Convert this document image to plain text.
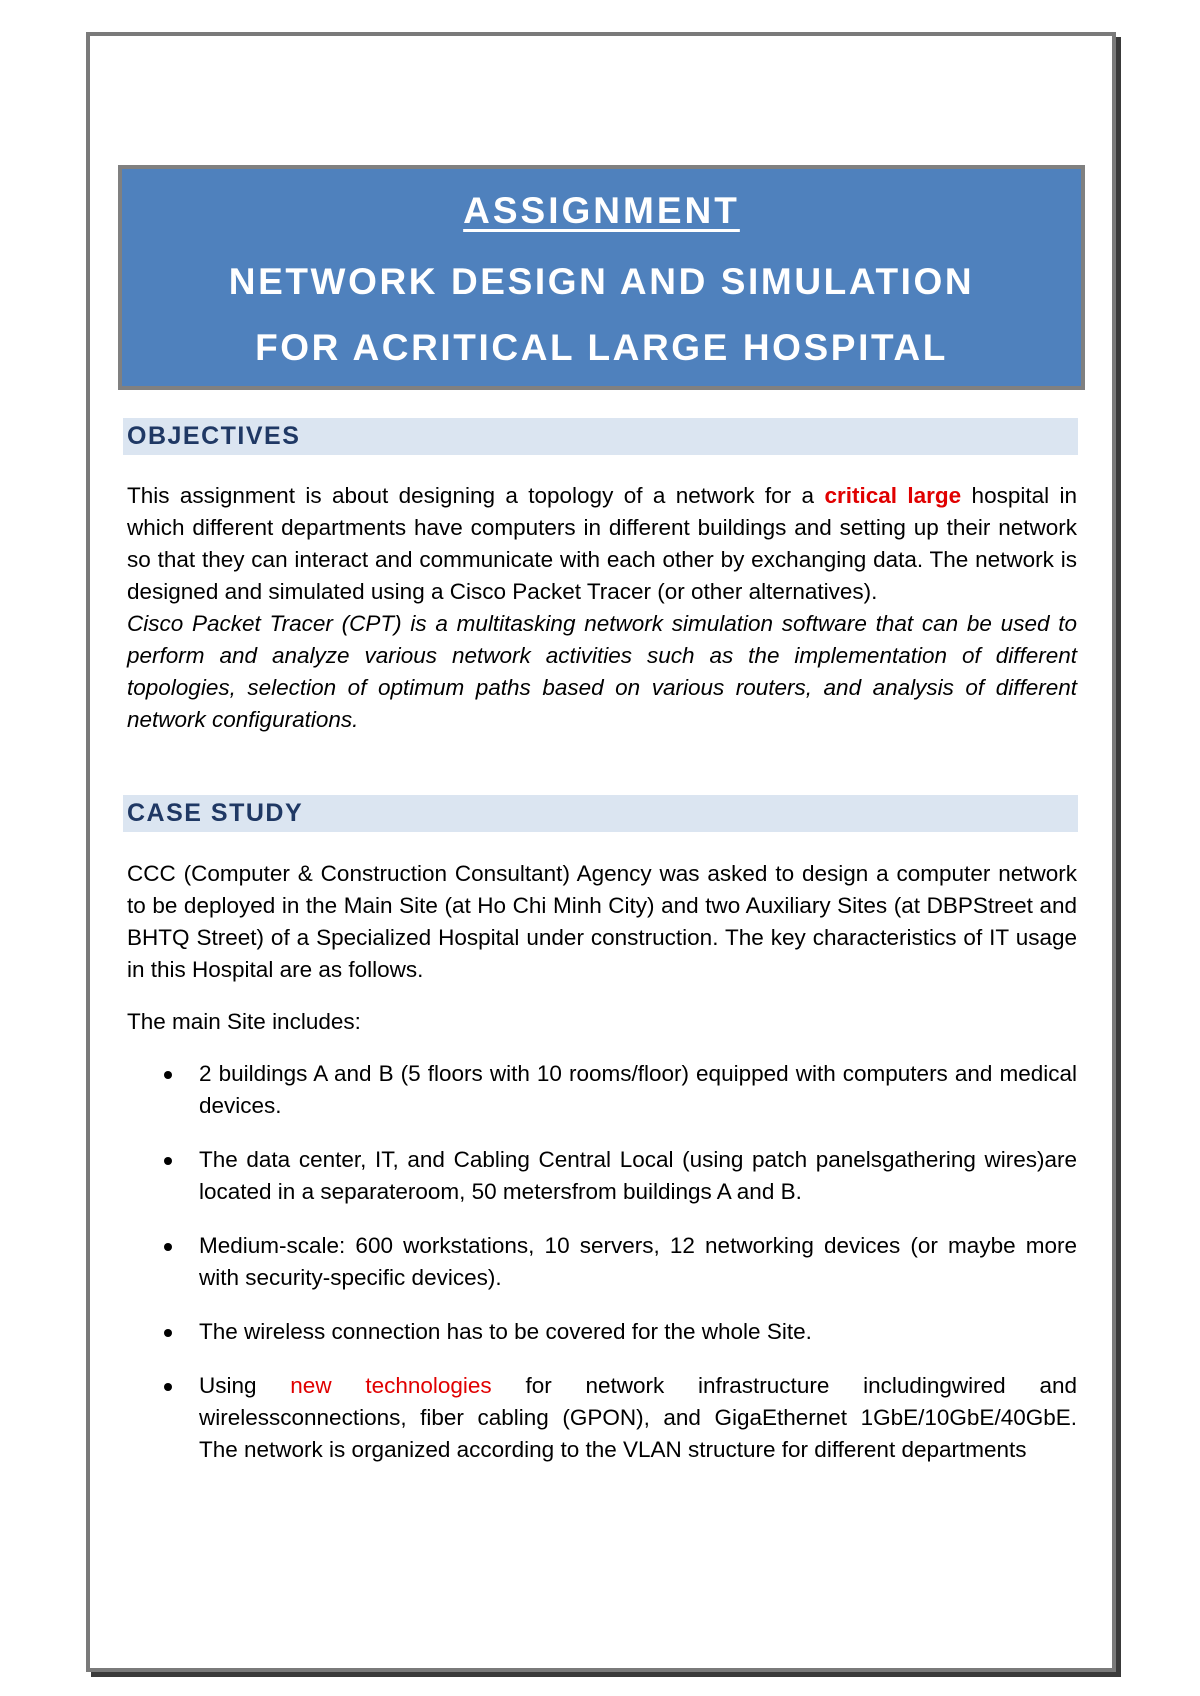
ASSIGNMENT
NETWORK DESIGN AND SIMULATION
FOR ACRITICAL LARGE HOSPITAL
OBJECTIVES
This assignment is about designing a topology of a network for a critical large hospital in which different departments have computers in different buildings and setting up their network so that they can interact and communicate with each other by exchanging data. The network is designed and simulated using a Cisco Packet Tracer (or other alternatives).
Cisco Packet Tracer (CPT) is a multitasking network simulation software that can be used to perform and analyze various network activities such as the implementation of different topologies, selection of optimum paths based on various routers, and analysis of different network configurations.
CASE STUDY
CCC (Computer & Construction Consultant) Agency was asked to design a computer network to be deployed in the Main Site (at Ho Chi Minh City) and two Auxiliary Sites (at DBPStreet and BHTQ Street) of a Specialized Hospital under construction. The key characteristics of IT usage in this Hospital are as follows.
The main Site includes:
2 buildings A and B (5 floors with 10 rooms/floor) equipped with computers and medical devices.
The data center, IT, and Cabling Central Local (using patch panelsgathering wires)are located in a separateroom, 50 metersfrom buildings A and B.
Medium-scale: 600 workstations, 10 servers, 12 networking devices (or maybe more with security-specific devices).
The wireless connection has to be covered for the whole Site.
Using new technologies for network infrastructure includingwired and wirelessconnections, fiber cabling (GPON), and GigaEthernet 1GbE/10GbE/40GbE. The network is organized according to the VLAN structure for different departments
